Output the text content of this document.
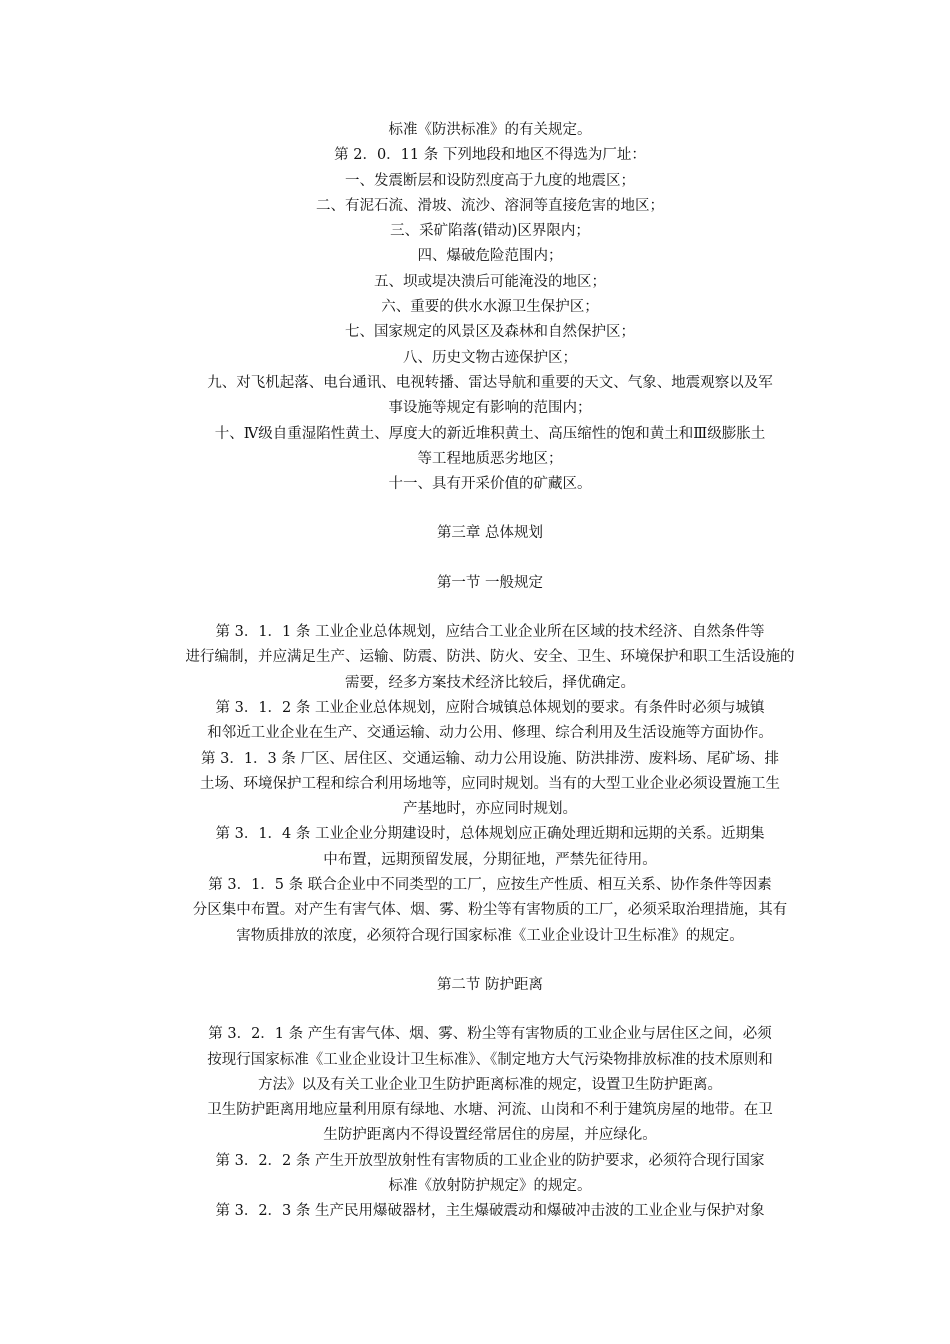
标准《防洪标准》的有关规定。

第 2．0．11 条 下列地段和地区不得选为厂址：

一、发震断层和设防烈度高于九度的地震区；

二、有泥石流、滑坡、流沙、溶洞等直接危害的地区；

三、采矿陷落(错动)区界限内；

四、爆破危险范围内；

五、坝或堤决溃后可能淹没的地区；

六、重要的供水水源卫生保护区；

七、国家规定的风景区及森林和自然保护区；

八、历史文物古迹保护区；

九、对飞机起落、电台通讯、电视转播、雷达导航和重要的天文、气象、地震观察以及军

事设施等规定有影响的范围内；

十、Ⅳ级自重湿陷性黄土、厚度大的新近堆积黄土、高压缩性的饱和黄土和Ⅲ级膨胀土

等工程地质恶劣地区；

十一、具有开采价值的矿藏区。

第三章 总体规划

第一节 一般规定

第 3．1．1 条 工业企业总体规划，应结合工业企业所在区域的技术经济、自然条件等

进行编制，并应满足生产、运输、防震、防洪、防火、安全、卫生、环境保护和职工生活设施的

需要，经多方案技术经济比较后，择优确定。

第 3．1．2 条 工业企业总体规划，应附合城镇总体规划的要求。有条件时必须与城镇

和邻近工业企业在生产、交通运输、动力公用、修理、综合利用及生活设施等方面协作。

第 3．1．3 条 厂区、居住区、交通运输、动力公用设施、防洪排涝、废料场、尾矿场、排

土场、环境保护工程和综合利用场地等，应同时规划。当有的大型工业企业必须设置施工生

产基地时，亦应同时规划。

第 3．1．4 条 工业企业分期建设时，总体规划应正确处理近期和远期的关系。近期集

中布置，远期预留发展，分期征地，严禁先征待用。

第 3．1．5 条 联合企业中不同类型的工厂，应按生产性质、相互关系、协作条件等因素

分区集中布置。对产生有害气体、烟、雾、粉尘等有害物质的工厂，必须采取治理措施，其有

害物质排放的浓度，必须符合现行国家标准《工业企业设计卫生标准》的规定。

第二节 防护距离

第 3．2．1 条 产生有害气体、烟、雾、粉尘等有害物质的工业企业与居住区之间，必须

按现行国家标准《工业企业设计卫生标准》、《制定地方大气污染物排放标准的技术原则和

方法》以及有关工业企业卫生防护距离标准的规定，设置卫生防护距离。

卫生防护距离用地应量利用原有绿地、水塘、河流、山岗和不利于建筑房屋的地带。在卫

生防护距离内不得设置经常居住的房屋，并应绿化。

第 3．2．2 条 产生开放型放射性有害物质的工业企业的防护要求，必须符合现行国家

标准《放射防护规定》的规定。

第 3．2．3 条 生产民用爆破器材，主生爆破震动和爆破冲击波的工业企业与保护对象
